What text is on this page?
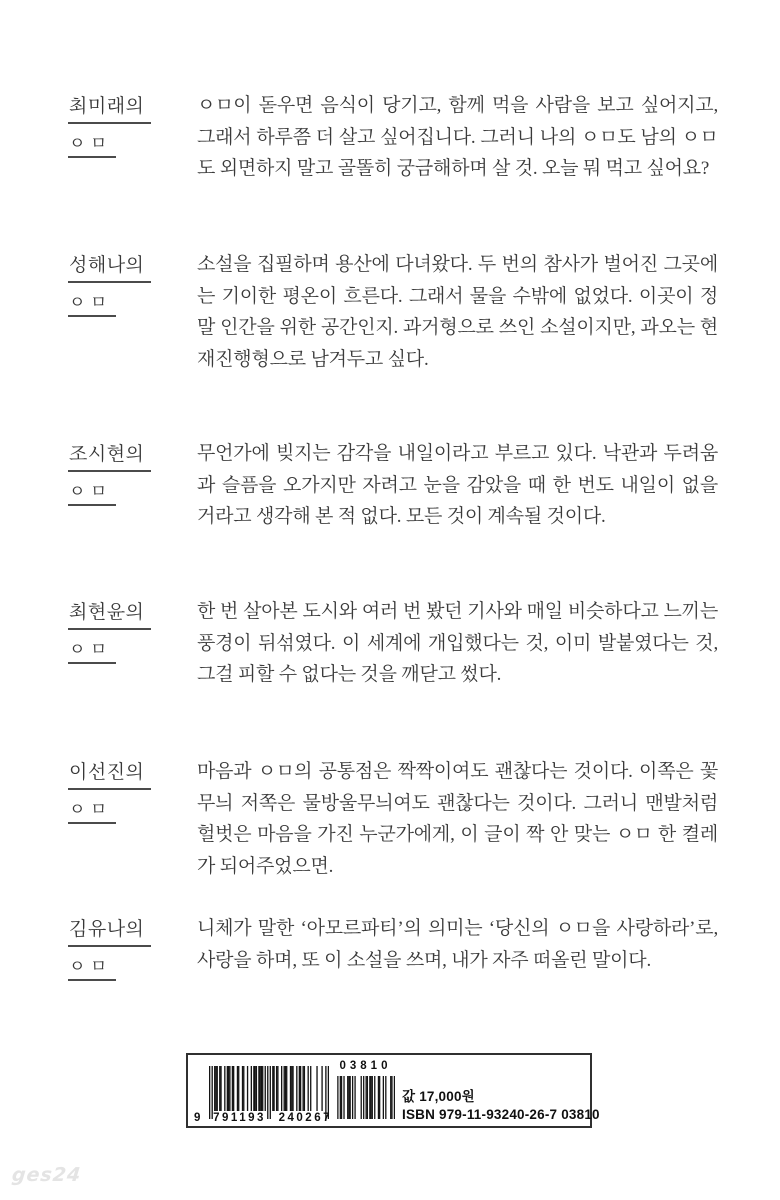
최미래의
ㅇㅁ
ㅇㅁ이 돋우면 음식이 당기고, 함께 먹을 사람을 보고 싶어지고, 그래서 하루쯤 더 살고 싶어집니다. 그러니 나의 ㅇㅁ도 남의 ㅇㅁ도 외면하지 말고 골똘히 궁금해하며 살 것. 오늘 뭐 먹고 싶어요?
성해나의
ㅇㅁ
소설을 집필하며 용산에 다녀왔다. 두 번의 참사가 벌어진 그곳에는 기이한 평온이 흐른다. 그래서 물을 수밖에 없었다. 이곳이 정말 인간을 위한 공간인지. 과거형으로 쓰인 소설이지만, 과오는 현재진행형으로 남겨두고 싶다.
조시현의
ㅇㅁ
무언가에 빚지는 감각을 내일이라고 부르고 있다. 낙관과 두려움과 슬픔을 오가지만 자려고 눈을 감았을 때 한 번도 내일이 없을 거라고 생각해 본 적 없다. 모든 것이 계속될 것이다.
최현윤의
ㅇㅁ
한 번 살아본 도시와 여러 번 봤던 기사와 매일 비슷하다고 느끼는 풍경이 뒤섞였다. 이 세계에 개입했다는 것, 이미 발붙였다는 것, 그걸 피할 수 없다는 것을 깨닫고 썼다.
이선진의
ㅇㅁ
마음과 ㅇㅁ의 공통점은 짝짝이여도 괜찮다는 것이다. 이쪽은 꽃무늬 저쪽은 물방울무늬여도 괜찮다는 것이다. 그러니 맨발처럼 헐벗은 마음을 가진 누군가에게, 이 글이 짝 안 맞는 ㅇㅁ 한 켤레가 되어주었으면.
김유나의
ㅇㅁ
니체가 말한 ‘아모르파티’의 의미는 ‘당신의 ㅇㅁ을 사랑하라’로, 사랑을 하며, 또 이 소설을 쓰며, 내가 자주 떠올린 말이다.
9 791193 240267
03810
값 17,000원
ISBN 979-11-93240-26-7 03810
ges24
